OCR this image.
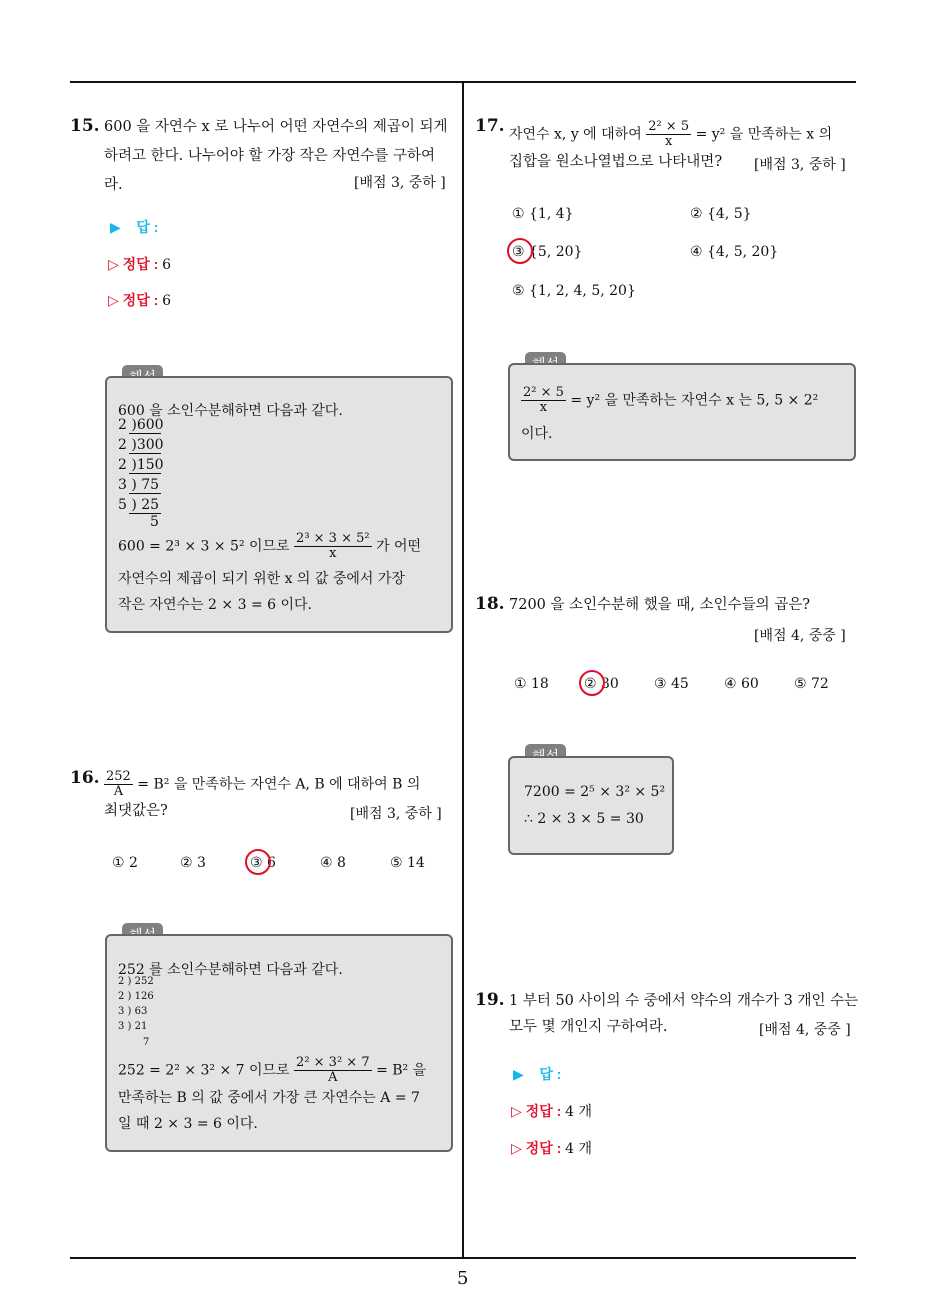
15. 600 을 자연수 x 로 나누어 어떤 자연수의 제곱이 되게
하려고 한다. 나누어야 할 가장 작은 자연수를 구하여
라.	[배점 3, 중하 ]
▶ 답 :
▷ 정답 : 6
▷ 정답 : 6
600 을 소인수분해하면 다음과 같다.
2 )600
2 )300
2 )150
3 ) 75
5 ) 25
5
600 = 2³ × 3 × 5² 이므로 $\frac{\text{2³ × 3 × 5²}}{x}$ 가 어떤
자연수의 제곱이 되기 위한 x 의 값 중에서 가장
작은 자연수는 2 × 3 = 6 이다.
16. $\frac{252}{A} = B^2$ 을 만족하는 자연수 A, B 에 대하여 B 의
최댓값은?	[배점 3, 중하 ]
① 2	② 3	③ 6	④ 8	⑤ 14
252 를 소인수분해하면 다음과 같다.
2 ) 252
2 ) 126
3 ) 63
3 ) 21
7
252 = 2² × 3² × 7 이므로 $\frac{\text{2² × 3² × 7}}{A} = B^2$ 을
만족하는 B 의 값 중에서 가장 큰 자연수는 A = 7
일 때 2 × 3 = 6 이다.
17. 자연수 x, y 에 대하여 $\frac{\text{2² × 5}}{x} = y^2$ 을 만족하는 x 의
집합을 원소나열법으로 나타내면? [배점 3, 중하 ]
① {1, 4}	② {4, 5}
③ {5, 20}	④ {4, 5, 20}
⑤ {1, 2, 4, 5, 20}
$\frac{\text{2² × 5}}{x} = y^2$ 을 만족하는 자연수 x 는 5, 5 × 2²
이다.
18. 7200 을 소인수분해 했을 때, 소인수들의 곱은?
[배점 4, 중중 ]
① 18	② 30	③ 45	④ 60	⑤ 72
7200 = 2⁵ × 3² × 5²
∴ 2 × 3 × 5 = 30
19. 1 부터 50 사이의 수 중에서 약수의 개수가 3 개인 수는
모두 몇 개인지 구하여라.	[배점 4, 중중 ]
▶ 답 :
▷ 정답 : 4 개
▷ 정답 : 4 개
5
